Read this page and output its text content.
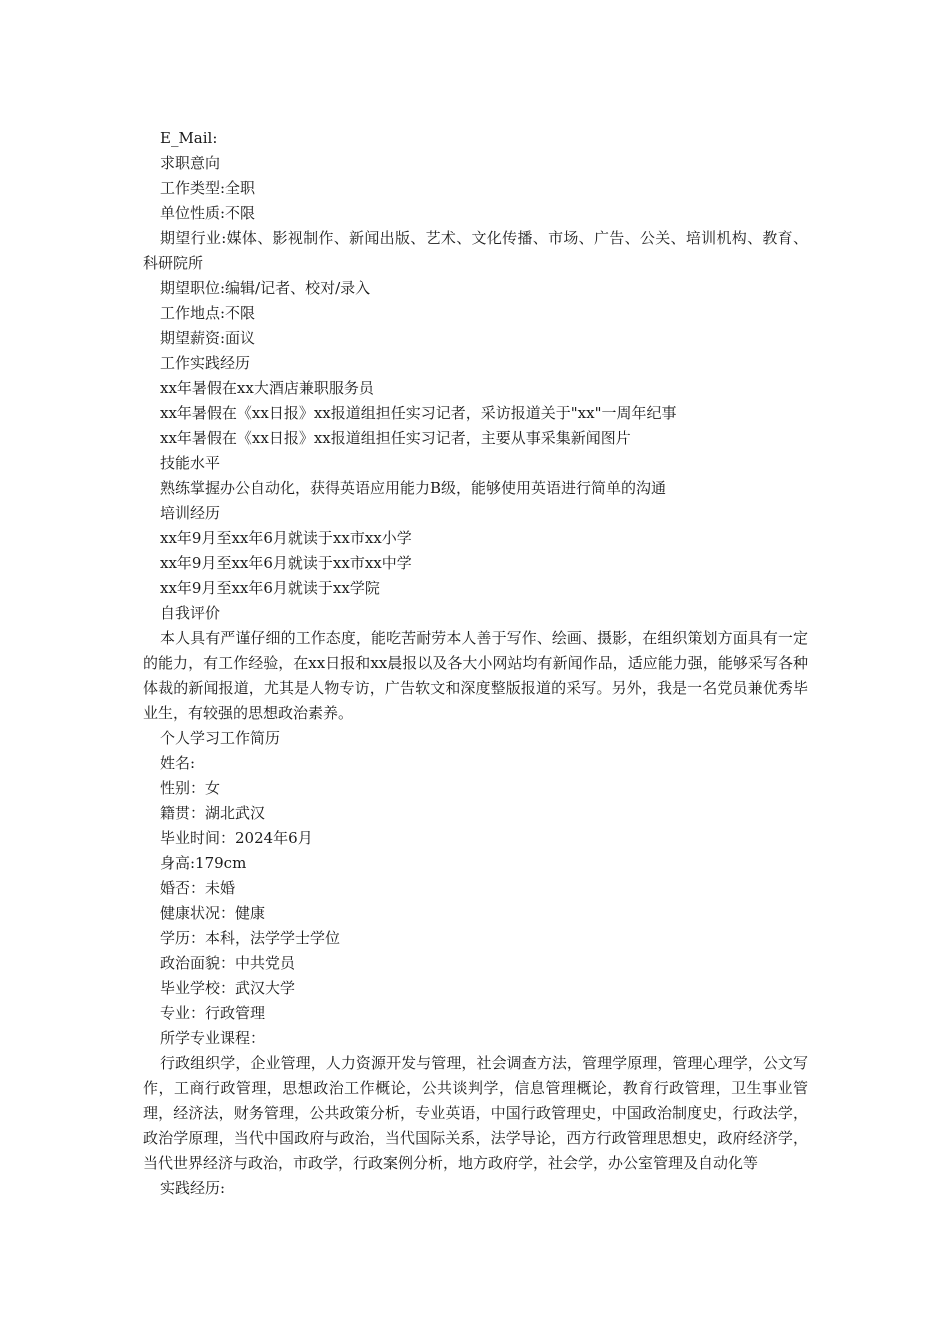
E_Mail:
求职意向
工作类型:全职
单位性质:不限
期望行业:媒体、影视制作、新闻出版、艺术、文化传播、市场、广告、公关、培训机构、教育、科研院所
期望职位:编辑/记者、校对/录入
工作地点:不限
期望薪资:面议
工作实践经历
xx年暑假在xx大酒店兼职服务员
xx年暑假在《xx日报》xx报道组担任实习记者，采访报道关于"xx"一周年纪事
xx年暑假在《xx日报》xx报道组担任实习记者，主要从事采集新闻图片
技能水平
熟练掌握办公自动化，获得英语应用能力B级，能够使用英语进行简单的沟通
培训经历
xx年9月至xx年6月就读于xx市xx小学
xx年9月至xx年6月就读于xx市xx中学
xx年9月至xx年6月就读于xx学院
自我评价
本人具有严谨仔细的工作态度，能吃苦耐劳本人善于写作、绘画、摄影，在组织策划方面具有一定的能力，有工作经验，在xx日报和xx晨报以及各大小网站均有新闻作品，适应能力强，能够采写各种体裁的新闻报道，尤其是人物专访，广告软文和深度整版报道的采写。另外，我是一名党员兼优秀毕业生，有较强的思想政治素养。
个人学习工作简历
姓名:
性别：女
籍贯：湖北武汉
毕业时间：2024年6月
身高:179cm
婚否：未婚
健康状况：健康
学历：本科，法学学士学位
政治面貌：中共党员
毕业学校：武汉大学
专业：行政管理
所学专业课程：
行政组织学，企业管理，人力资源开发与管理，社会调查方法，管理学原理，管理心理学，公文写作，工商行政管理，思想政治工作概论，公共谈判学，信息管理概论，教育行政管理，卫生事业管理，经济法，财务管理，公共政策分析，专业英语，中国行政管理史，中国政治制度史，行政法学，政治学原理，当代中国政府与政治，当代国际关系，法学导论，西方行政管理思想史，政府经济学，当代世界经济与政治，市政学，行政案例分析，地方政府学，社会学，办公室管理及自动化等
实践经历:
